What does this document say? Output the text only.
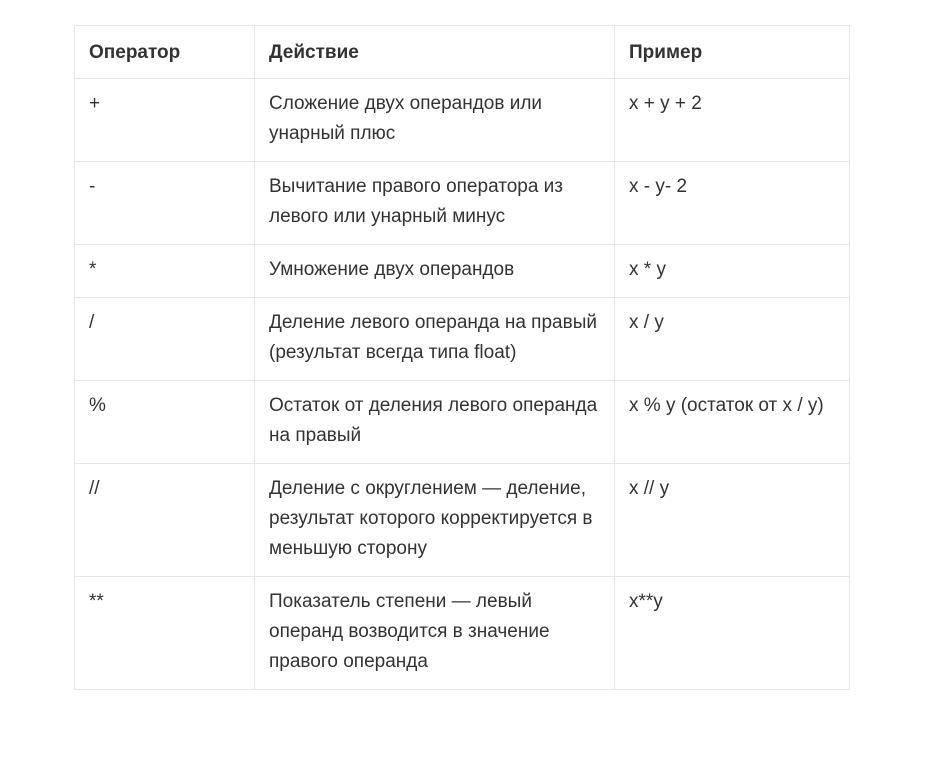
Оператор	Действие	Пример
+	Сложение двух операндов или унарный плюс	x + y + 2
-	Вычитание правого оператора из левого или унарный минус	x - y- 2
*	Умножение двух операндов	x * y
/	Деление левого операнда на правый (результат всегда типа float)	x / y
%	Остаток от деления левого операнда на правый	x % y (остаток от x / y)
//	Деление с округлением — деление, результат которого корректируется в меньшую сторону	x // y
**	Показатель степени — левый операнд возводится в значение правого операнда	x**y
